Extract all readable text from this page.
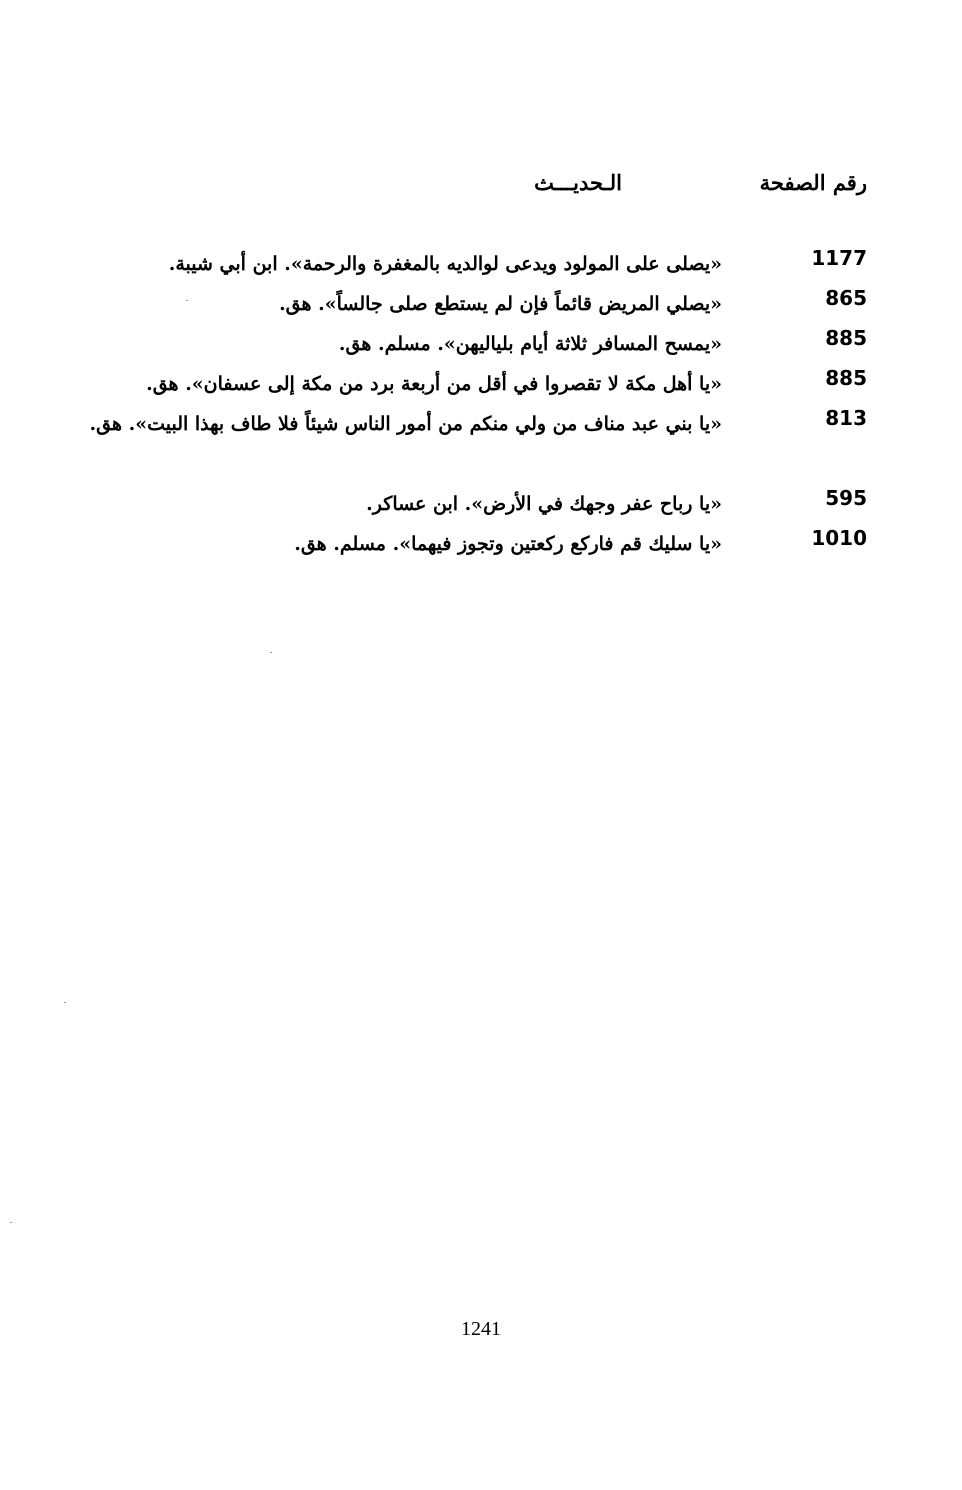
رقم الصفحة
الـحديـــث
1177
«يصلى على المولود ويدعى لوالديه بالمغفرة والرحمة». ابن أبي شيبة.
865
«يصلي المريض قائماً فإن لم يستطع صلى جالساً». هق.
885
«يمسح المسافر ثلاثة أيام بلياليهن». مسلم. هق.
885
«يا أهل مكة لا تقصروا في أقل من أربعة برد من مكة إلى عسفان». هق.
813
«يا بني عبد مناف من ولي منكم من أمور الناس شيئاً فلا طاف بهذا البيت». هق.
595
«يا رباح عفر وجهك في الأرض». ابن عساكر.
1010
«يا سليك قم فاركع ركعتين وتجوز فيهما». مسلم. هق.
1241
